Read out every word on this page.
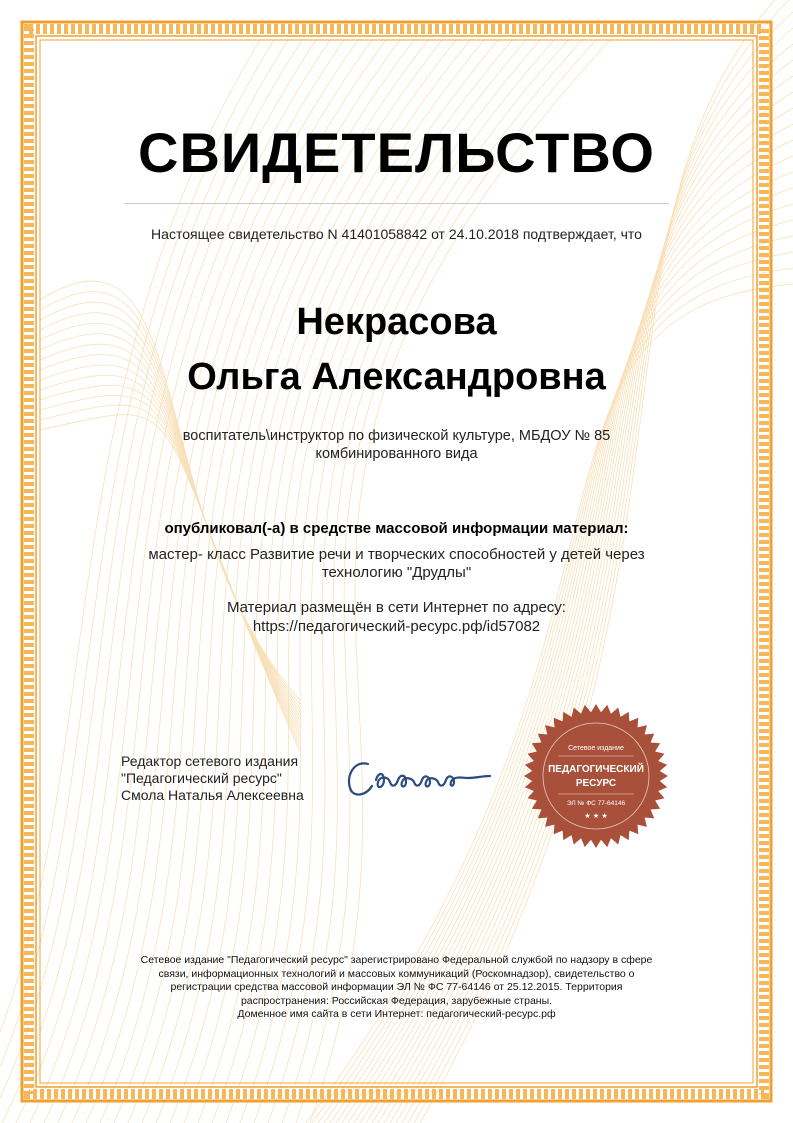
СВИДЕТЕЛЬСТВО
Настоящее свидетельство N 41401058842 от 24.10.2018 подтверждает, что
Некрасова
Ольга Александровна
воспитатель\инструктор по физической культуре, МБДОУ № 85
комбинированного вида
опубликовал(-а) в средстве массовой информации материал:
мастер- класс Развитие речи и творческих способностей у детей через
технологию "Друдлы"
Материал размещён в сети Интернет по адресу:
https://педагогический-ресурс.рф/id57082
Редактор сетевого издания
"Педагогический ресурс"
Смола Наталья Алексеевна
Сетевое издание
ПЕДАГОГИЧЕСКИЙ
РЕСУРС
ЭЛ № ФС 77-64146
★ ★ ★
Сетевое издание "Педагогический ресурс" зарегистрировано Федеральной службой по надзору в сфере
связи, информационных технологий и массовых коммуникаций (Роскомнадзор), свидетельство о
регистрации средства массовой информации ЭЛ № ФС 77-64146 от 25.12.2015. Территория
распространения: Российская Федерация, зарубежные страны.
Доменное имя сайта в сети Интернет: педагогический-ресурс.рф
